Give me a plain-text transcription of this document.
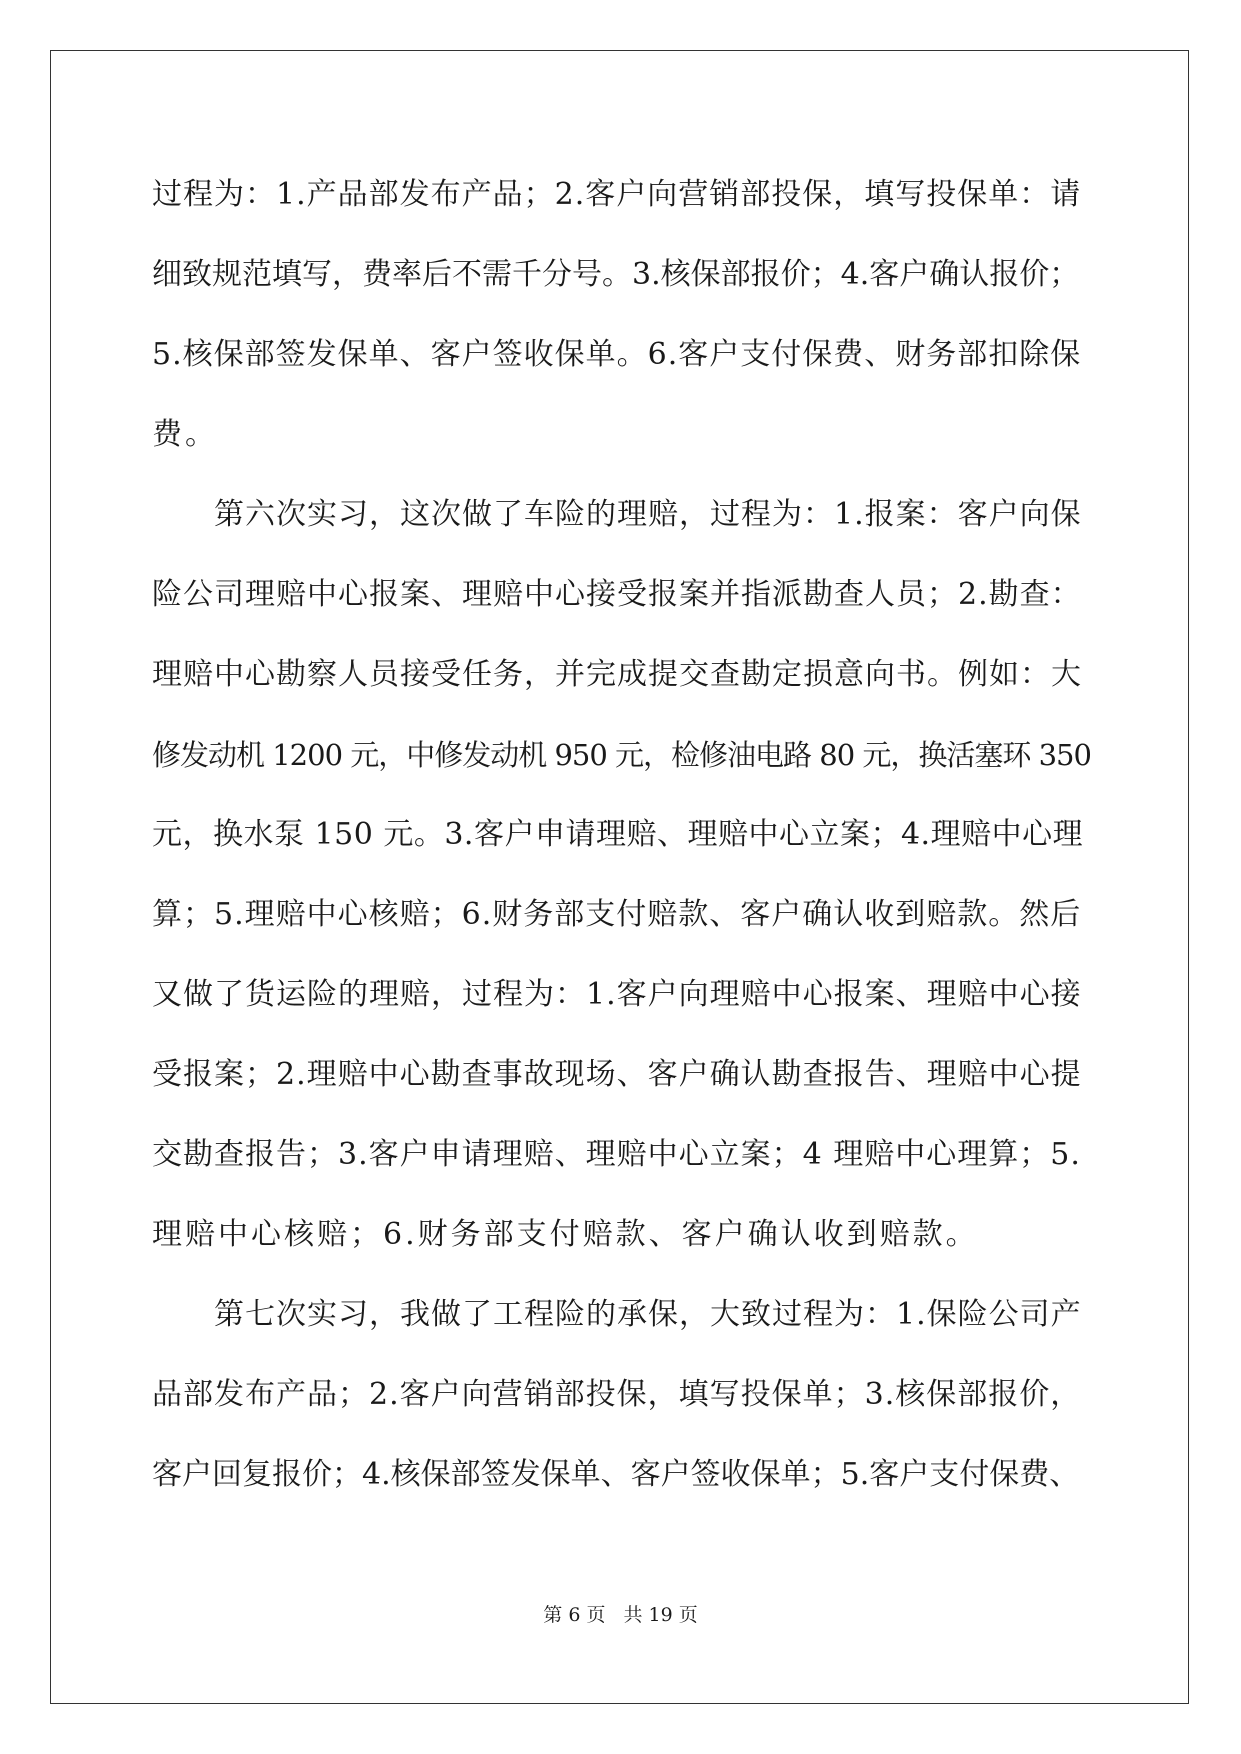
过程为：1.产品部发布产品；2.客户向营销部投保，填写投保单：请
细致规范填写，费率后不需千分号。3.核保部报价；4.客户确认报价；
5.核保部签发保单、客户签收保单。6.客户支付保费、财务部扣除保
费。
第六次实习，这次做了车险的理赔，过程为：1.报案：客户向保
险公司理赔中心报案、理赔中心接受报案并指派勘查人员；2.勘查：
理赔中心勘察人员接受任务，并完成提交查勘定损意向书。例如：大
修发动机 1200 元，中修发动机 950 元，检修油电路 80 元，换活塞环 350
元，换水泵 150 元。3.客户申请理赔、理赔中心立案；4.理赔中心理
算；5.理赔中心核赔；6.财务部支付赔款、客户确认收到赔款。然后
又做了货运险的理赔，过程为：1.客户向理赔中心报案、理赔中心接
受报案；2.理赔中心勘查事故现场、客户确认勘查报告、理赔中心提
交勘查报告；3.客户申请理赔、理赔中心立案；4 理赔中心理算；5.
理赔中心核赔；6.财务部支付赔款、客户确认收到赔款。
第七次实习，我做了工程险的承保，大致过程为：1.保险公司产
品部发布产品；2.客户向营销部投保，填写投保单；3.核保部报价，
客户回复报价；4.核保部签发保单、客户签收保单；5.客户支付保费、
第 6 页 共 19 页
